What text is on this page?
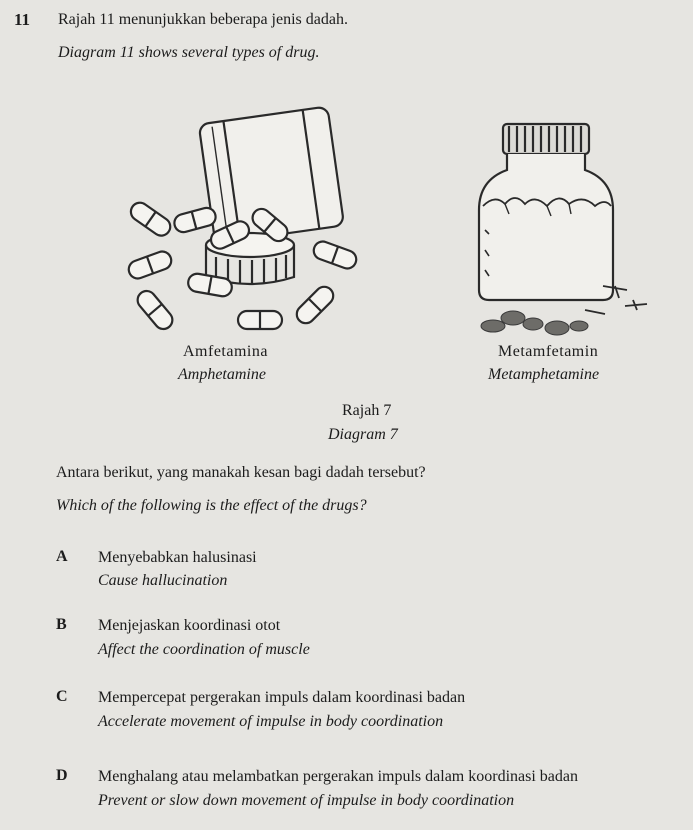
11 Rajah 11 menunjukkan beberapa jenis dadah.
Diagram 11 shows several types of drug.
Amfetamina
Amphetamine
Metamfetamin
Metamphetamine
Rajah 7
Diagram 7
Antara berikut, yang manakah kesan bagi dadah tersebut?
Which of the following is the effect of the drugs?
A Menyebabkan halusinasi
Cause hallucination
B Menjejaskan koordinasi otot
Affect the coordination of muscle
C Mempercepat pergerakan impuls dalam koordinasi badan
Accelerate movement of impulse in body coordination
D Menghalang atau melambatkan pergerakan impuls dalam koordinasi badan
Prevent or slow down movement of impulse in body coordination
